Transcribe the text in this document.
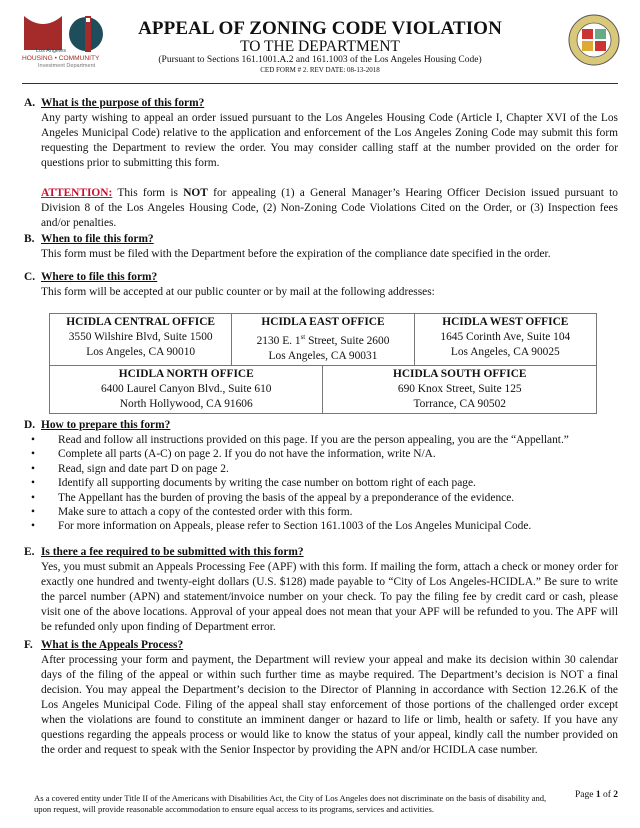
Los Angeles
HOUSING • COMMUNITY
Investment Department
APPEAL OF ZONING CODE VIOLATION
TO THE DEPARTMENT
(Pursuant to Sections 161.1001.A.2 and 161.1003 of the Los Angeles Housing Code)
CED FORM # 2. REV DATE: 08-13-2018
A. What is the purpose of this form?

Any party wishing to appeal an order issued pursuant to the Los Angeles Housing Code (Article I, Chapter XVI of the Los Angeles Municipal Code) relative to the application and enforcement of the Los Angeles Zoning Code may submit this form requesting the Department to review the order. You may consider calling staff at the number provided on the order for questions prior to submitting this form.

ATTENTION: This form is NOT for appealing (1) a General Manager’s Hearing Officer Decision issued pursuant to Division 8 of the Los Angeles Housing Code, (2) Non-Zoning Code Violations Cited on the Order, or (3) Inspection fees and/or penalties.

B. When to file this form?

This form must be filed with the Department before the expiration of the compliance date specified in the order.

C. Where to file this form?

This form will be accepted at our public counter or by mail at the following addresses:

HCIDLA CENTRAL OFFICE
3550 Wilshire Blvd, Suite 1500
Los Angeles, CA 90010	HCIDLA EAST OFFICE
2130 E. 1st Street, Suite 2600
Los Angeles, CA 90031		HCIDLA WEST OFFICE
1645 Corinth Ave, Suite 104
Los Angeles, CA 90025

HCIDLA NORTH OFFICE
6400 Laurel Canyon Blvd., Suite 610
North Hollywood, CA 91606		HCIDLA SOUTH OFFICE
690 Knox Street, Suite 125
Torrance, CA 90502	
D. How to prepare this form?
• Read and follow all instructions provided on this page. If you are the person appealing, you are the “Appellant.”
• Complete all parts (A-C) on page 2. If you do not have the information, write N/A.
• Read, sign and date part D on page 2.
• Identify all supporting documents by writing the case number on bottom right of each page.
• The Appellant has the burden of proving the basis of the appeal by a preponderance of the evidence.
• Make sure to attach a copy of the contested order with this form.
• For more information on Appeals, please refer to Section 161.1003 of the Los Angeles Municipal Code.
E. Is there a fee required to be submitted with this form?

Yes, you must submit an Appeals Processing Fee (APF) with this form. If mailing the form, attach a check or money order for exactly one hundred and twenty-eight dollars (U.S. $128) made payable to “City of Los Angeles-HCIDLA.” Be sure to write the parcel number (APN) and statement/invoice number on your check. To pay the filing fee by credit card or cash, please visit one of the above locations. Approval of your appeal does not mean that your APF will be refunded to you. The APF will be refunded only upon finding of Department error.

F. What is the Appeals Process?

After processing your form and payment, the Department will review your appeal and make its decision within 30 calendar days of the filing of the appeal or within such further time as maybe required. The Department’s decision is NOT a final decision. You may appeal the Department’s decision to the Director of Planning in accordance with Section 12.26.K of the Los Angeles Municipal Code. Filing of the appeal shall stay enforcement of those portions of the challenged order except when the violations are found to constitute an imminent danger or hazard to life or limb, health or safety. If you have any questions regarding the appeals process or would like to know the status of your appeal, kindly call the number provided on the order and request to speak with the Senior Inspector by providing the APN and/or HCIDLA case number.

As a covered entity under Title II of the Americans with Disabilities Act, the City of Los Angeles does not discriminate on the basis of disability and, upon request, will provide reasonable accommodation to ensure equal access to its programs, services and activities.
Page 1 of 2
